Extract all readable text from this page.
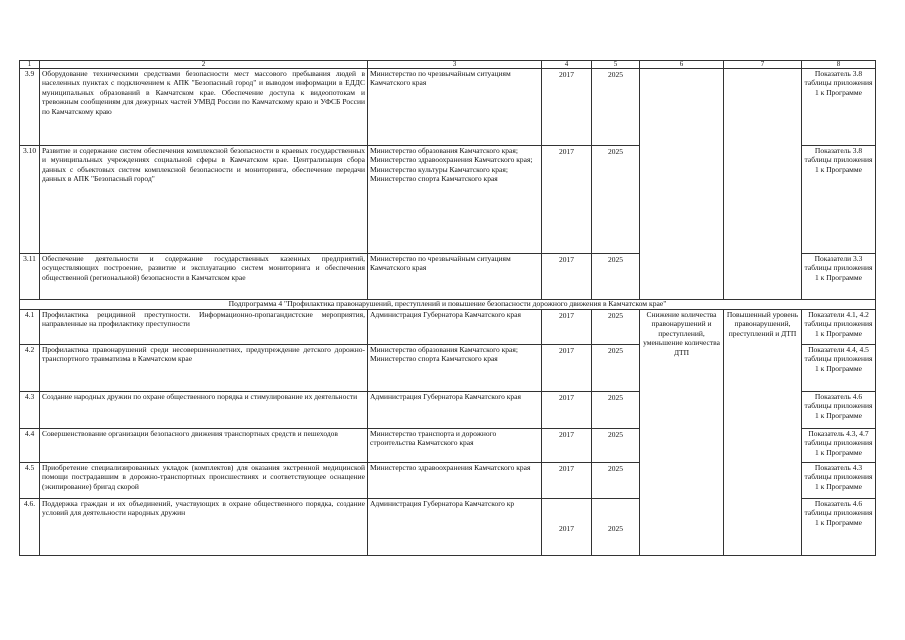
1	2	3	4	5	6	7	8
3.9	Оборудование техническими средствами безопасности мест массового пребывания людей в населенных пунктах с подключением к АПК "Безопасный город" и выводом информации в ЕДДС муниципальных образований в Камчатском крае. Обеспечение доступа к видеопотокам и тревожным сообщениям для дежурных частей УМВД России по Камчатскому краю и УФСБ России по Камчатскому краю	Министерство по чрезвычайным ситуациям Камчатского края	2017	2025			Показатель 3.8 таблицы приложения 1 к Программе
3.10	Развитие и содержание систем обеспечения комплексной безопасности в краевых государственных и муниципальных учреждениях социальной сферы в Камчатском крае. Централизация сбора данных с объектовых систем комплексной безопасности и мониторинга, обеспечение передачи данных в АПК "Безопасный город"	Министерство образования Камчатского края; Министерство здравоохранения Камчатского края; Министерство культуры Камчатского края; Министерство спорта Камчатского края	2017	2025			Показатель 3.8 таблицы приложения 1 к Программе
3.11	Обеспечение деятельности и содержание государственных казенных предприятий, осуществляющих построение, развитие и эксплуатацию систем мониторинга и обеспечения общественной (региональной) безопасности в Камчатском крае	Министерство по чрезвычайным ситуациям Камчатского края	2017	2025			Показатели 3.3 таблицы приложения 1 к Программе
Подпрограмма 4 "Профилактика правонарушений, преступлений и повышение безопасности дорожного движения в Камчатском крае"							
4.1	Профилактика рецидивной преступности. Информационно-пропагандистские мероприятия, направленные на профилактику преступности	Администрация Губернатора Камчатского края	2017	2025	Снижение количества правонарушений и преступлений, уменьшение количества ДТП	Повышенный уровень правонарушений, преступлений и ДТП	Показатели 4.1, 4.2 таблицы приложения 1 к Программе
4.2	Профилактика правонарушений среди несовершеннолетних, предупреждение детского дорожно-транспортного травматизма в Камчатском крае	Министерство образования Камчатского края; Министерство спорта Камчатского края	2017	2025			Показатели 4.4, 4.5 таблицы приложения 1 к Программе
4.3	Создание народных дружин по охране общественного порядка и стимулирование их деятельности	Администрация Губернатора Камчатского края	2017	2025			Показатель 4.6 таблицы приложения 1 к Программе
4.4	Совершенствование организации безопасного движения транспортных средств и пешеходов	Министерство транспорта и дорожного строительства Камчатского края	2017	2025			Показатель 4.3, 4.7 таблицы приложения 1 к Программе
4.5	Приобретение специализированных укладок (комплектов) для оказания экстренной медицинской помощи пострадавшим в дорожно-транспортных происшествиях и соответствующее оснащение (экипирование) бригад скорой	Министерство здравоохранения Камчатского края	2017	2025			Показатель 4.3 таблицы приложения 1 к Программе
4.6.	Поддержка граждан и их объединений, участвующих в охране общественного порядка, создание условий для деятельности народных дружин	Администрация Губернатора Камчатского кр	2017	2025			Показатель 4.6 таблицы приложения 1 к Программе
